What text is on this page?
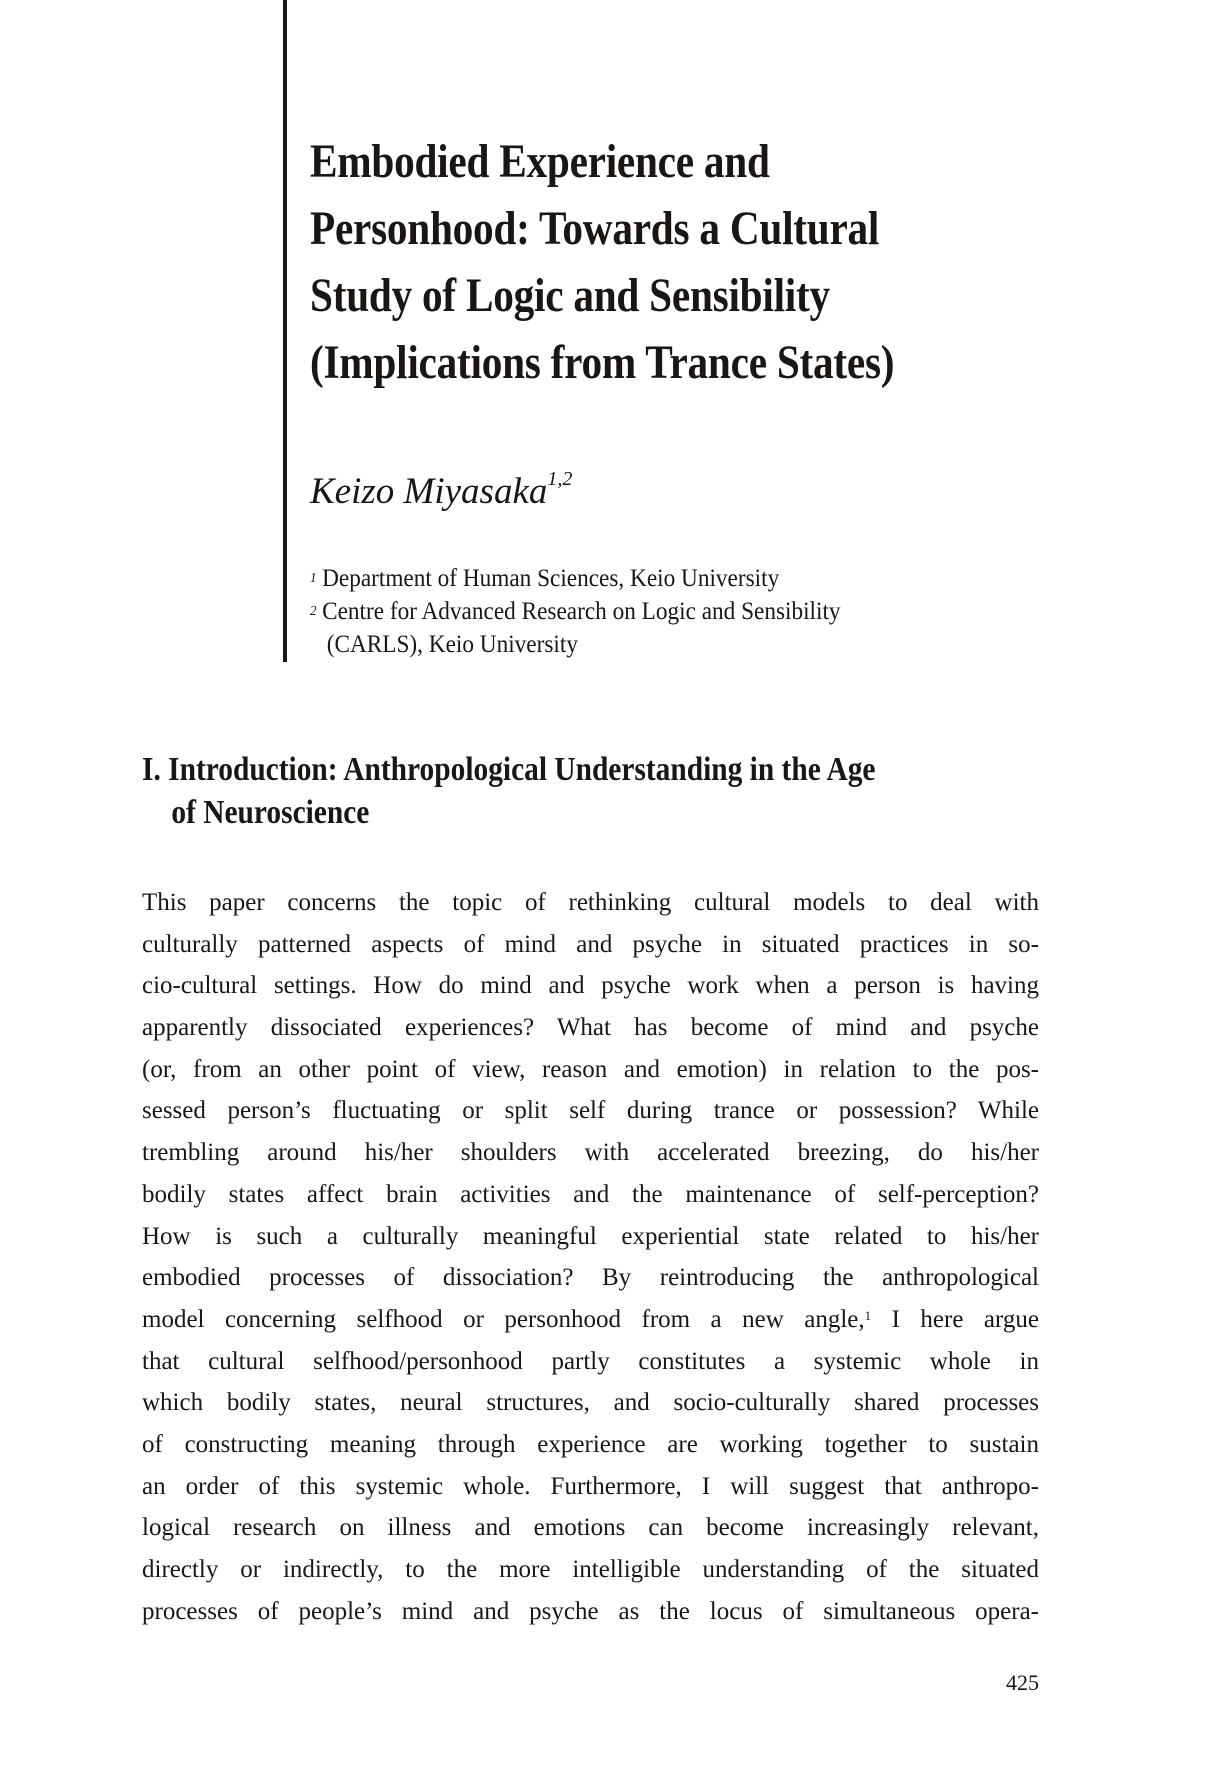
Embodied Experience and
Personhood: Towards a Cultural
Study of Logic and Sensibility
(Implications from Trance States)
Keizo Miyasaka$^{1,2}$
$^1$ Department of Human Sciences, Keio University
$^2$ Centre for Advanced Research on Logic and Sensibility
(CARLS), Keio University
I. Introduction: Anthropological Understanding in the Age
of Neuroscience
This paper concerns the topic of rethinking cultural models to deal with
culturally patterned aspects of mind and psyche in situated practices in so-
cio-cultural settings. How do mind and psyche work when a person is having
apparently dissociated experiences? What has become of mind and psyche
(or, from an other point of view, reason and emotion) in relation to the pos-
sessed person’s fluctuating or split self during trance or possession? While
trembling around his/her shoulders with accelerated breezing, do his/her
bodily states affect brain activities and the maintenance of self-perception?
How is such a culturally meaningful experiential state related to his/her
embodied processes of dissociation? By reintroducing the anthropological
model concerning selfhood or personhood from a new angle,$^1$ I here argue
that cultural selfhood/personhood partly constitutes a systemic whole in
which bodily states, neural structures, and socio-culturally shared processes
of constructing meaning through experience are working together to sustain
an order of this systemic whole. Furthermore, I will suggest that anthropo-
logical research on illness and emotions can become increasingly relevant,
directly or indirectly, to the more intelligible understanding of the situated
processes of people’s mind and psyche as the locus of simultaneous opera-
425
